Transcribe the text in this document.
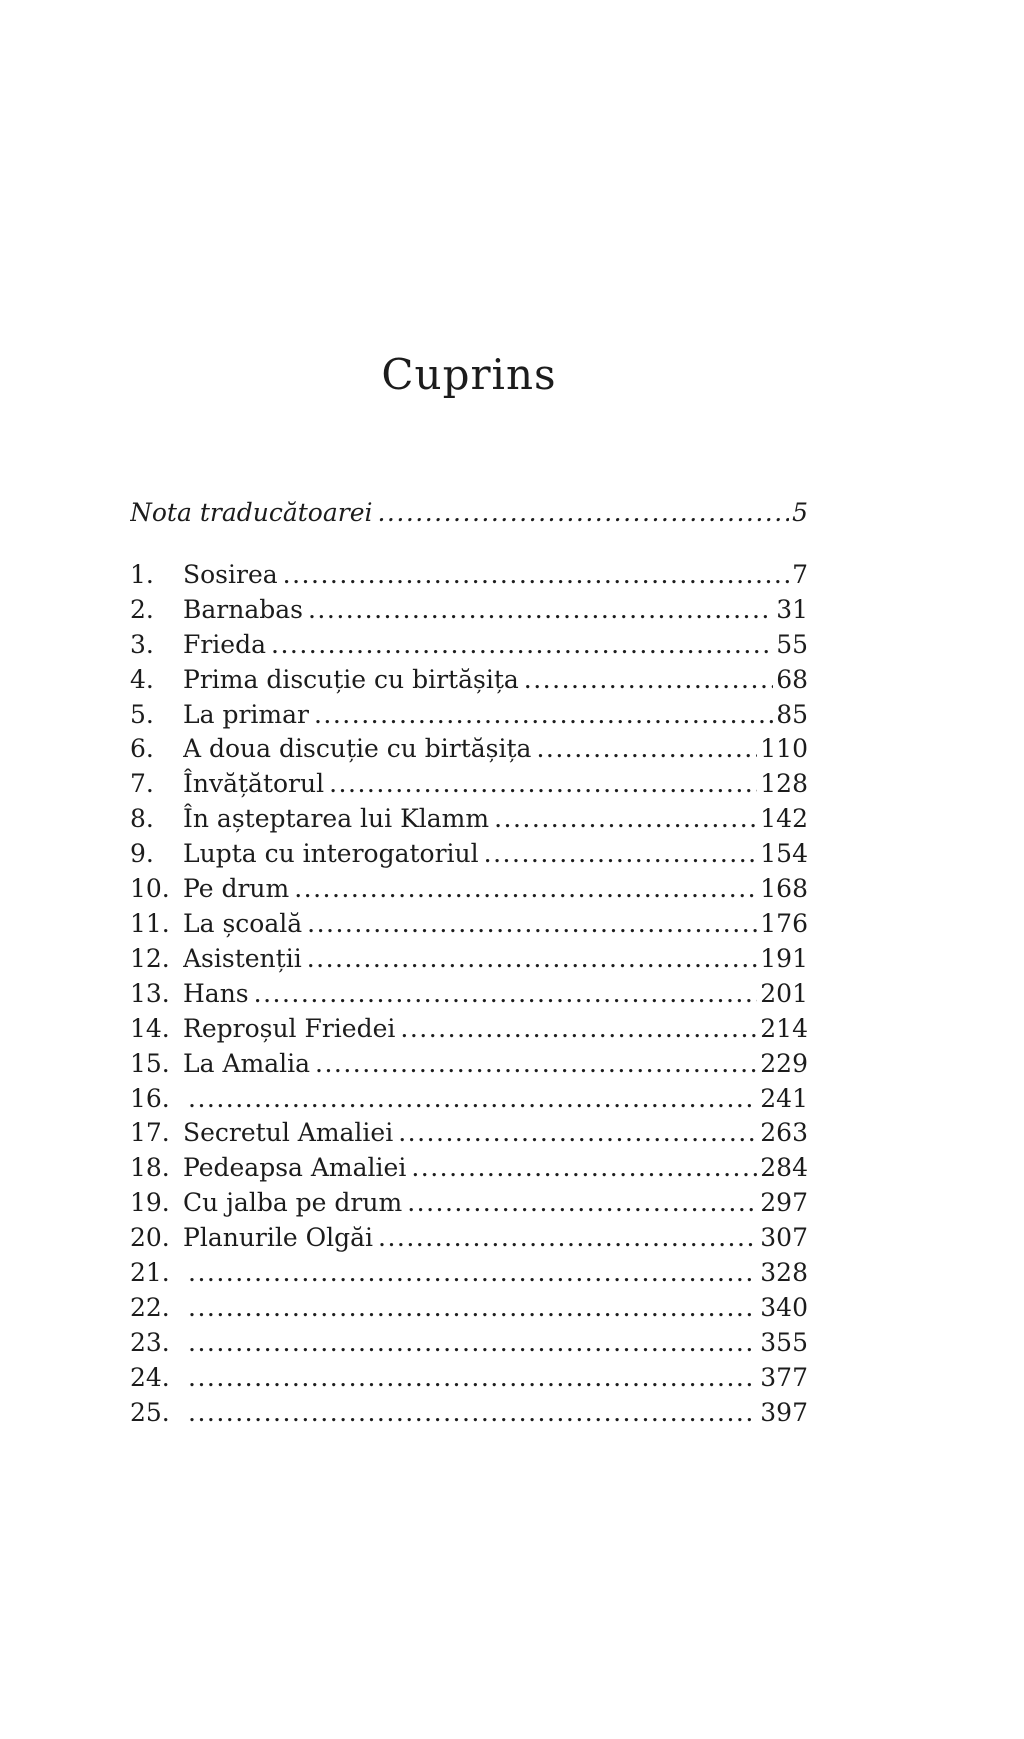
Cuprins
Nota traducătoarei .....	5
1.	Sosirea .....	7
2.	Barnabas .....	31
3.	Frieda .....	55
4.	Prima discuție cu birtășița .....	68
5.	La primar .....	85
6.	A doua discuție cu birtășița .....	110
7.	Învățătorul .....	128
8.	În așteptarea lui Klamm .....	142
9.	Lupta cu interogatoriul .....	154
10. Pe drum .....	168
11. La școală .....	176
12. Asistenții .....	191
13. Hans .....	201
14. Reproșul Friedei .....	214
15. La Amalia .....	229
16. .....	241
17. Secretul Amaliei .....	263
18. Pedeapsa Amaliei .....	284
19. Cu jalba pe drum .....	297
20. Planurile Olgăi .....	307
21. .....	328
22. .....	340
23. .....	355
24. .....	377
25. .....	397
